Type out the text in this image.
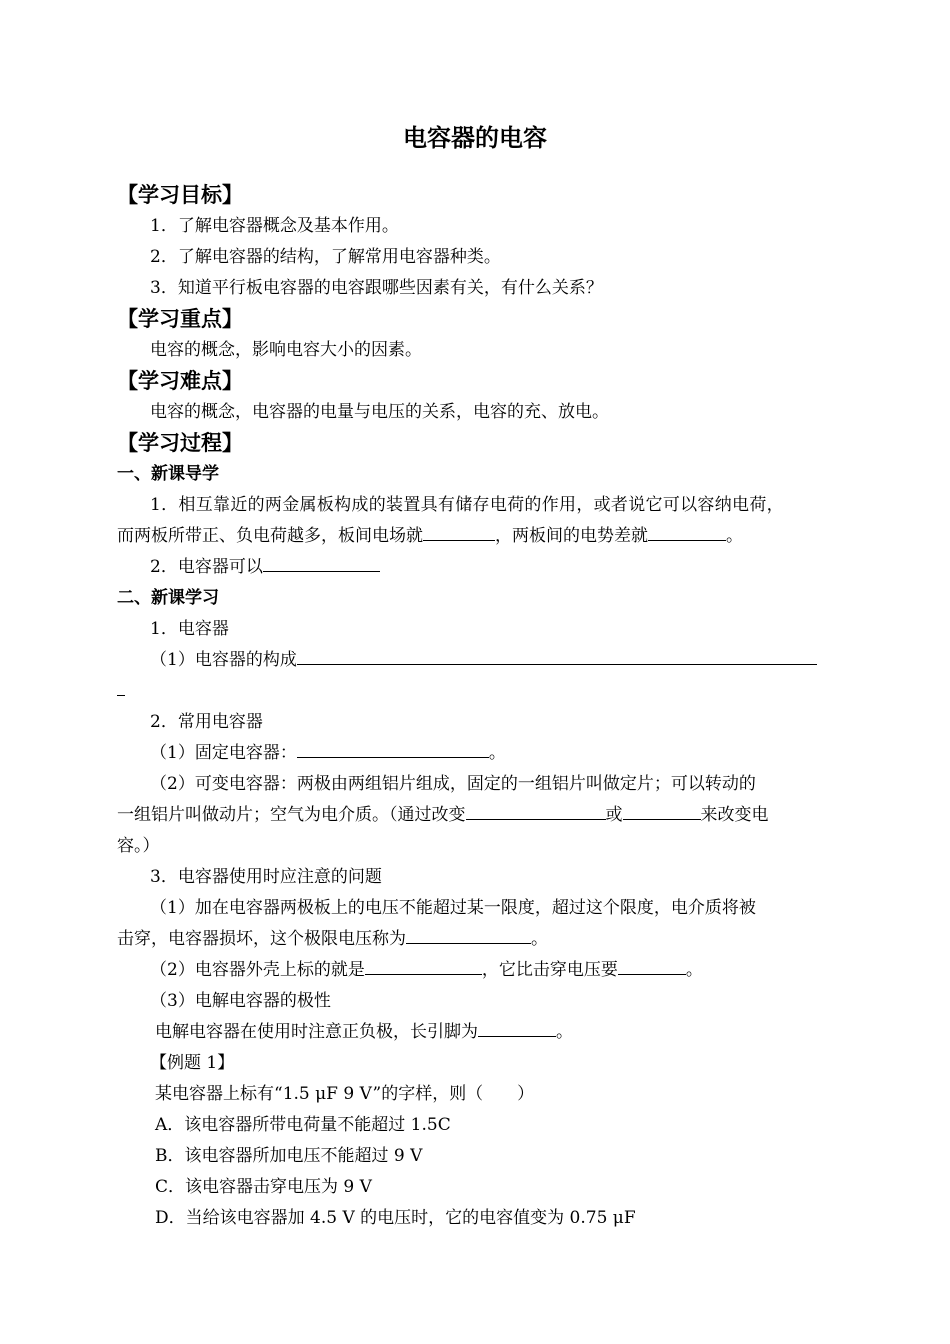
电容器的电容
【学习目标】
1．了解电容器概念及基本作用。
2．了解电容器的结构，了解常用电容器种类。
3．知道平行板电容器的电容跟哪些因素有关，有什么关系？
【学习重点】
电容的概念，影响电容大小的因素。
【学习难点】
电容的概念，电容器的电量与电压的关系，电容的充、放电。
【学习过程】
一、新课导学
1．相互靠近的两金属板构成的装置具有储存电荷的作用，或者说它可以容纳电荷，
而两板所带正、负电荷越多，板间电场就	，两板间的电势差就	。
2．电容器可以
二、新课学习
1．电容器
（1）电容器的构成
2．常用电容器
（1）固定电容器：	。
（2）可变电容器：两极由两组铝片组成，固定的一组铝片叫做定片；可以转动的
一组铝片叫做动片；空气为电介质。（通过改变	或	来改变电
容。）
3．电容器使用时应注意的问题
（1）加在电容器两极板上的电压不能超过某一限度，超过这个限度，电介质将被
击穿，电容器损坏，这个极限电压称为	。
（2）电容器外壳上标的就是	，它比击穿电压要	。
（3）电解电容器的极性
电解电容器在使用时注意正负极，长引脚为	。
【例题 1】
某电容器上标有“1.5 μF 9 V”的字样，则（　　）
A．该电容器所带电荷量不能超过 1.5C
B．该电容器所加电压不能超过 9 V
C．该电容器击穿电压为 9 V
D．当给该电容器加 4.5 V 的电压时，它的电容值变为 0.75 μF
